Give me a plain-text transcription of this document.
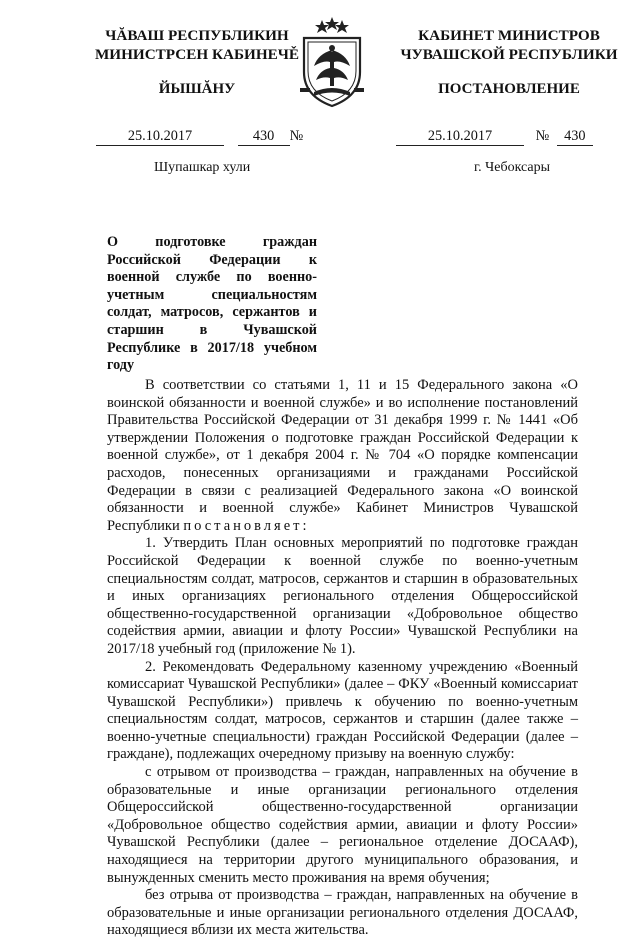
ЧĂВАШ РЕСПУБЛИКИН
МИНИСТРСЕН КАБИНЕЧĚ
ЙЫШĂНУ
КАБИНЕТ МИНИСТРОВ
ЧУВАШСКОЙ РЕСПУБЛИКИ
ПОСТАНОВЛЕНИЕ
25.10.2017	430 №	25.10.2017	№ 430
Шупашкар хули	г. Чебоксары
О подготовке граждан Российской Федерации к военной службе по военно-учетным специальностям солдат, матросов, сержантов и старшин в Чувашской Республике в 2017/18 учебном году

В соответствии со статьями 1, 11 и 15 Федерального закона «О воинской обязанности и военной службе» и во исполнение постановлений Правительства Российской Федерации от 31 декабря 1999 г. № 1441 «Об утверждении Положения о подготовке граждан Российской Федерации к военной службе», от 1 декабря 2004 г. № 704 «О порядке компенсации расходов, понесенных организациями и гражданами Российской Федерации в связи с реализацией Федерального закона «О воинской обязанности и военной службе» Кабинет Министров Чувашской Республики постановляет:

1. Утвердить План основных мероприятий по подготовке граждан Российской Федерации к военной службе по военно-учетным специальностям солдат, матросов, сержантов и старшин в образовательных и иных организациях регионального отделения Общероссийской общественно-государственной организации «Добровольное общество содействия армии, авиации и флоту России» Чувашской Республики на 2017/18 учебный год (приложение № 1).

2. Рекомендовать Федеральному казенному учреждению «Военный комиссариат Чувашской Республики» (далее – ФКУ «Военный комиссариат Чувашской Республики») привлечь к обучению по военно-учетным специальностям солдат, матросов, сержантов и старшин (далее также – военно-учетные специальности) граждан Российской Федерации (далее – граждане), подлежащих очередному призыву на военную службу:

с отрывом от производства – граждан, направленных на обучение в образовательные и иные организации регионального отделения Общероссийской общественно-государственной организации «Добровольное общество содействия армии, авиации и флоту России» Чувашской Республики (далее – региональное отделение ДОСААФ), находящиеся на территории другого муниципального образования, и вынужденных сменить место проживания на время обучения;

без отрыва от производства – граждан, направленных на обучение в образовательные и иные организации регионального отделения ДОСААФ, находящиеся вблизи их места жительства.
